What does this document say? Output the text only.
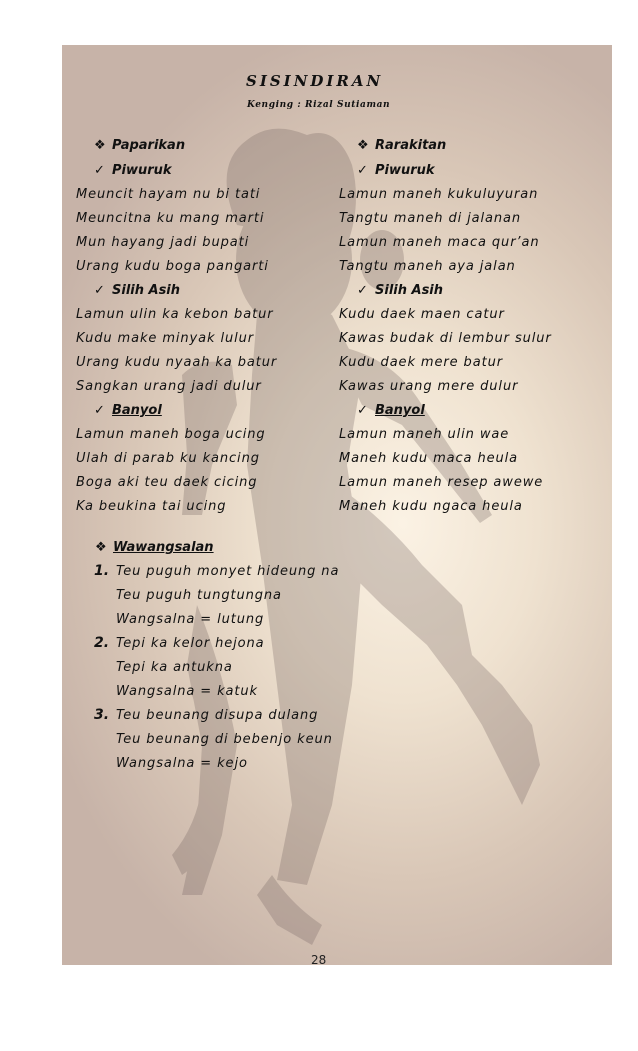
SISINDIRAN
Kenging : Rizal Sutiaman
❖ Paparikan
✓ Piwuruk
Meuncit hayam nu bi tati
Meuncitna ku mang marti
Mun hayang jadi bupati
Urang kudu boga pangarti
✓ Silih Asih
Lamun ulin ka kebon batur
Kudu make minyak lulur
Urang kudu nyaah ka batur
Sangkan urang jadi dulur
✓ Banyol
Lamun maneh boga ucing
Ulah di parab ku kancing
Boga aki teu daek cicing
Ka beukina tai ucing
❖ Rarakitan
✓ Piwuruk
Lamun maneh kukuluyuran
Tangtu maneh di jalanan
Lamun maneh maca qur’an
Tangtu maneh aya jalan
✓ Silih Asih
Kudu daek maen catur
Kawas budak di lembur sulur
Kudu daek mere batur
Kawas urang mere dulur
✓ Banyol
Lamun maneh ulin wae
Maneh kudu maca heula
Lamun maneh resep awewe
Maneh kudu ngaca heula
❖ Wawangsalan
1. Teu puguh monyet hideung na
Teu puguh tungtungna
Wangsalna = lutung
2. Tepi ka kelor hejona
Tepi ka antukna
Wangsalna = katuk
3. Teu beunang disupa dulang
Teu beunang di bebenjo keun
Wangsalna = kejo
28
